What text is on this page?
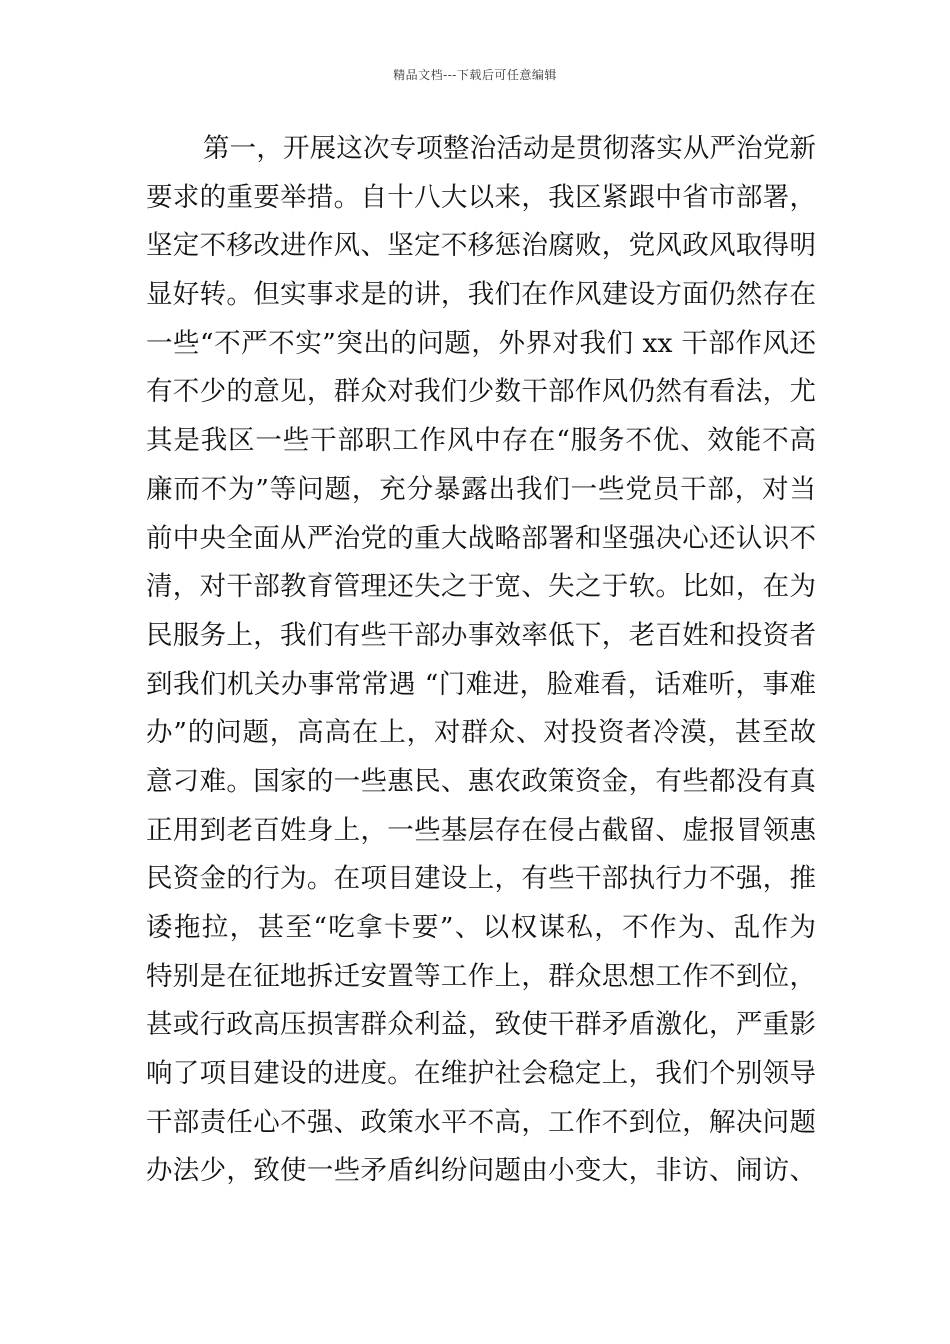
精品文档---下载后可任意编辑
第一，开展这次专项整治活动是贯彻落实从严治党新
要求的重要举措。自十八大以来，我区紧跟中省市部署，
坚定不移改进作风、坚定不移惩治腐败，党风政风取得明
显好转。但实事求是的讲，我们在作风建设方面仍然存在
一些“不严不实”突出的问题，外界对我们 xx 干部作风还
有不少的意见，群众对我们少数干部作风仍然有看法，尤
其是我区一些干部职工作风中存在“服务不优、效能不高
廉而不为”等问题，充分暴露出我们一些党员干部，对当
前中央全面从严治党的重大战略部署和坚强决心还认识不
清，对干部教育管理还失之于宽、失之于软。比如，在为
民服务上，我们有些干部办事效率低下，老百姓和投资者
到我们机关办事常常遇 “门难进，脸难看，话难听，事难
办”的问题，高高在上，对群众、对投资者冷漠，甚至故
意刁难。国家的一些惠民、惠农政策资金，有些都没有真
正用到老百姓身上，一些基层存在侵占截留、虚报冒领惠
民资金的行为。在项目建设上，有些干部执行力不强，推
诿拖拉，甚至“吃拿卡要”、以权谋私，不作为、乱作为
特别是在征地拆迁安置等工作上，群众思想工作不到位，
甚或行政高压损害群众利益，致使干群矛盾激化，严重影
响了项目建设的进度。在维护社会稳定上，我们个别领导
干部责任心不强、政策水平不高，工作不到位，解决问题
办法少，致使一些矛盾纠纷问题由小变大，非访、闹访、
